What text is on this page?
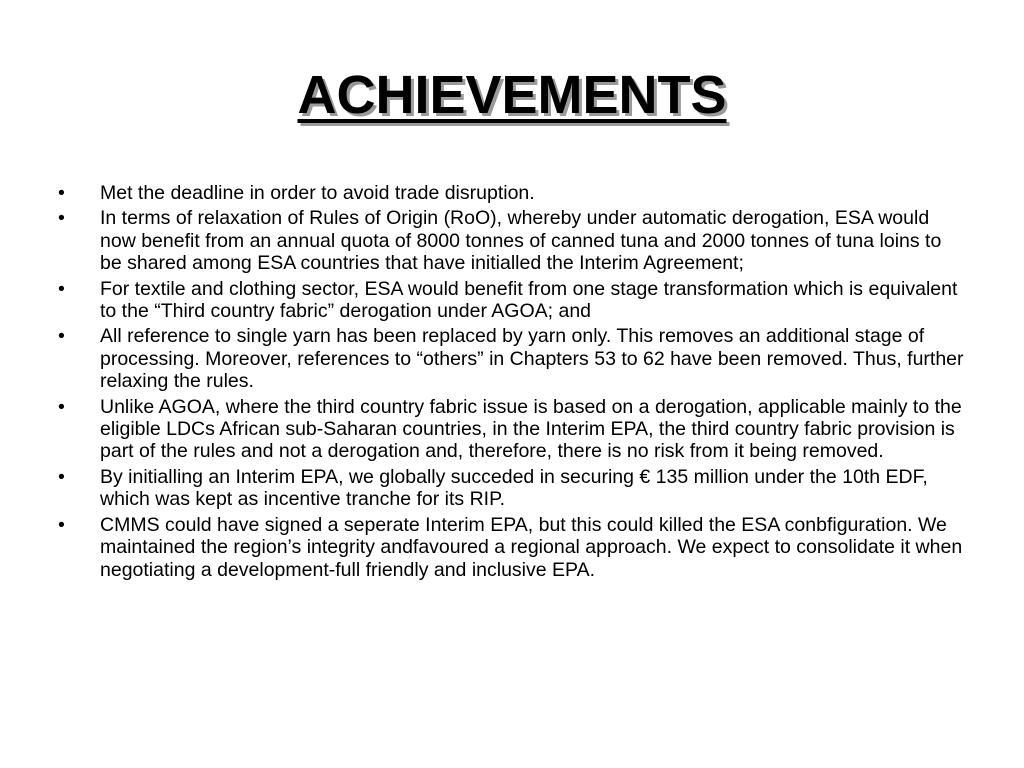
ACHIEVEMENTS
• Met the deadline in order to avoid trade disruption.
• In terms of relaxation of Rules of Origin (RoO), whereby under automatic derogation, ESA would now benefit from an annual quota of 8000 tonnes of canned tuna and 2000 tonnes of tuna loins to be shared among ESA countries that have initialled the Interim Agreement;
• For textile and clothing sector, ESA would benefit from one stage transformation which is equivalent to the “Third country fabric” derogation under AGOA; and
• All reference to single yarn has been replaced by yarn only. This removes an additional stage of processing. Moreover, references to “others” in Chapters 53 to 62 have been removed. Thus, further relaxing the rules.
• Unlike AGOA, where the third country fabric issue is based on a derogation, applicable mainly to the eligible LDCs African sub-Saharan countries, in the Interim EPA, the third country fabric provision is part of the rules and not a derogation and, therefore, there is no risk from it being removed.
• By initialling an Interim EPA, we globally succeded in securing € 135 million under the 10th EDF, which was kept as incentive tranche for its RIP.
• CMMS could have signed a seperate Interim EPA, but this could killed the ESA conbfiguration. We maintained the region’s integrity andfavoured a regional approach. We expect to consolidate it when negotiating a development-full friendly and inclusive EPA.
